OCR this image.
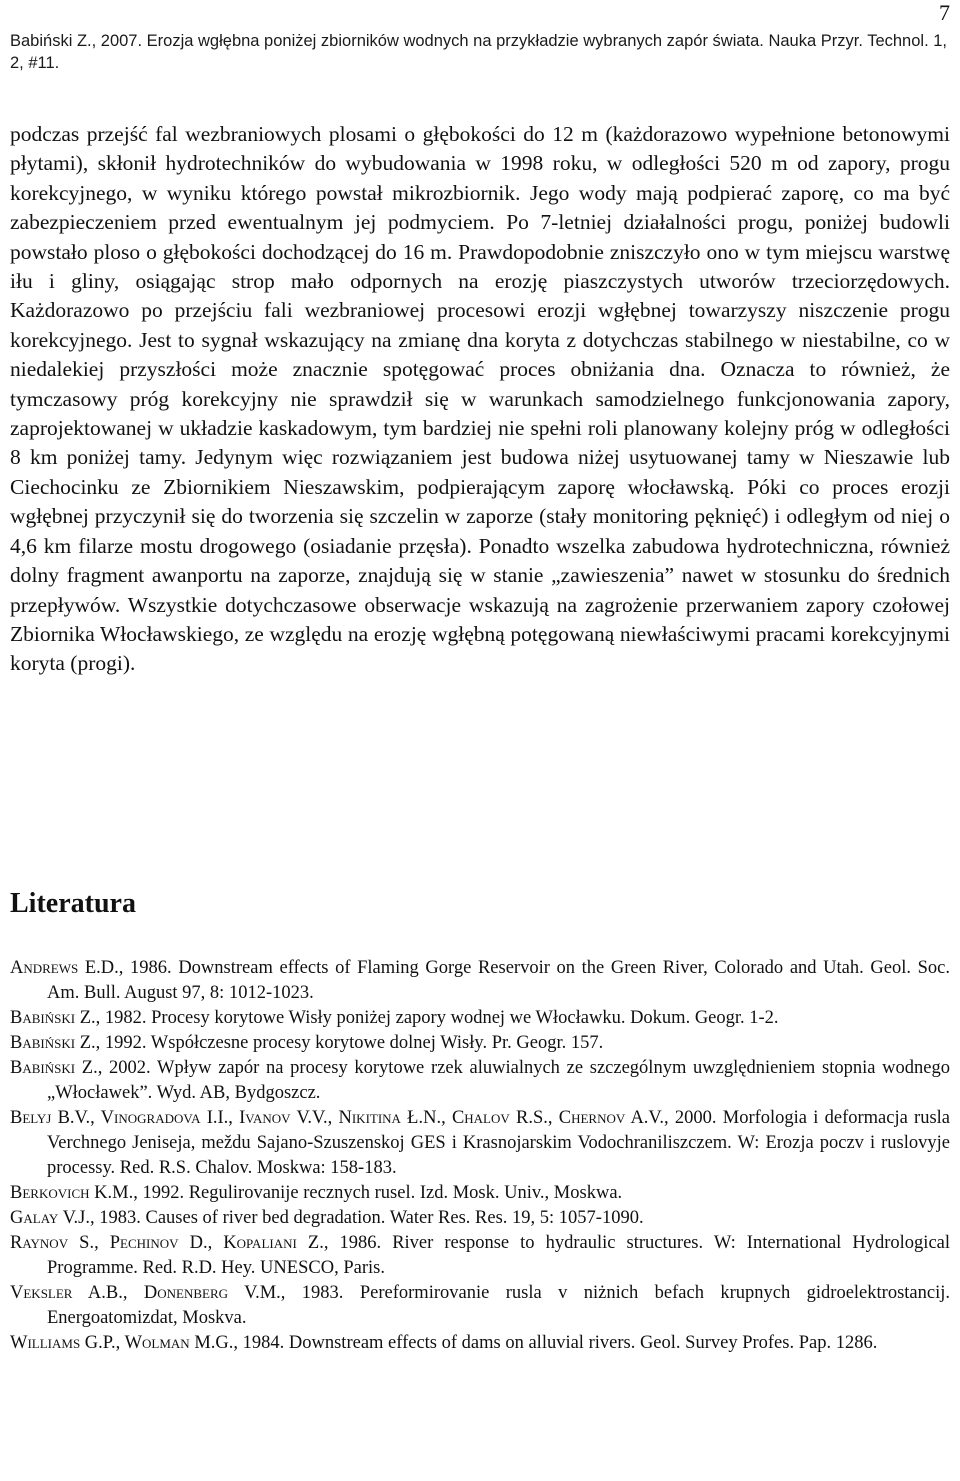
Babiński Z., 2007. Erozja wgłębna poniżej zbiorników wodnych na przykładzie wybranych zapór świata. Nauka Przyr. Technol. 1, 2, #11.
7

podczas przejść fal wezbraniowych plosami o głębokości do 12 m (każdorazowo wypełnione betonowymi płytami), skłonił hydrotechników do wybudowania w 1998 roku, w odległości 520 m od zapory, progu korekcyjnego, w wyniku którego powstał mikrozbiornik. Jego wody mają podpierać zaporę, co ma być zabezpieczeniem przed ewentualnym jej podmyciem. Po 7-letniej działalności progu, poniżej budowli powstało ploso o głębokości dochodzącej do 16 m. Prawdopodobnie zniszczyło ono w tym miejscu warstwę iłu i gliny, osiągając strop mało odpornych na erozję piaszczystych utworów trzeciorzędowych. Każdorazowo po przejściu fali wezbraniowej procesowi erozji wgłębnej towarzyszy niszczenie progu korekcyjnego. Jest to sygnał wskazujący na zmianę dna koryta z dotychczas stabilnego w niestabilne, co w niedalekiej przyszłości może znacznie spotęgować proces obniżania dna. Oznacza to również, że tymczasowy próg korekcyjny nie sprawdził się w warunkach samodzielnego funkcjonowania zapory, zaprojektowanej w układzie kaskadowym, tym bardziej nie spełni roli planowany kolejny próg w odległości 8 km poniżej tamy. Jedynym więc rozwiązaniem jest budowa niżej usytuowanej tamy w Nieszawie lub Ciechocinku ze Zbiornikiem Nieszawskim, podpierającym zaporę włocławską. Póki co proces erozji wgłębnej przyczynił się do tworzenia się szczelin w zaporze (stały monitoring pęknięć) i odległym od niej o 4,6 km filarze mostu drogowego (osiadanie przęsła). Ponadto wszelka zabudowa hydrotechniczna, również dolny fragment awanportu na zaporze, znajdują się w stanie „zawieszenia” nawet w stosunku do średnich przepływów. Wszystkie dotychczasowe obserwacje wskazują na zagrożenie przerwaniem zapory czołowej Zbiornika Włocławskiego, ze względu na erozję wgłębną potęgowaną niewłaściwymi pracami korekcyjnymi koryta (progi).

Literatura
Andrews E.D., 1986. Downstream effects of Flaming Gorge Reservoir on the Green River, Colorado and Utah. Geol. Soc. Am. Bull. August 97, 8: 1012-1023.
Babiński Z., 1982. Procesy korytowe Wisły poniżej zapory wodnej we Włocławku. Dokum. Geogr. 1-2.
Babiński Z., 1992. Współczesne procesy korytowe dolnej Wisły. Pr. Geogr. 157.
Babiński Z., 2002. Wpływ zapór na procesy korytowe rzek aluwialnych ze szczególnym uwzględnieniem stopnia wodnego „Włocławek”. Wyd. AB, Bydgoszcz.
Belyj B.V., Vinogradova I.I., Ivanov V.V., Nikitina Ł.N., Chalov R.S., Chernov A.V., 2000. Morfologia i deformacja rusla Verchnego Jeniseja, meždu Sajano-Szuszenskoj GES i Krasnojarskim Vodochraniliszczem. W: Erozja poczv i ruslovyje processy. Red. R.S. Chalov. Moskwa: 158-183.
Berkovich K.M., 1992. Regulirovanije recznych rusel. Izd. Mosk. Univ., Moskwa.
Galay V.J., 1983. Causes of river bed degradation. Water Res. Res. 19, 5: 1057-1090.
Raynov S., Pechinov D., Kopaliani Z., 1986. River response to hydraulic structures. W: International Hydrological Programme. Red. R.D. Hey. UNESCO, Paris.
Veksler A.B., Donenberg V.M., 1983. Pereformirovanie rusla v niżnich befach krupnych gidroelektrostancij. Energoatomizdat, Moskva.
Williams G.P., Wolman M.G., 1984. Downstream effects of dams on alluvial rivers. Geol. Survey Profes. Pap. 1286.
